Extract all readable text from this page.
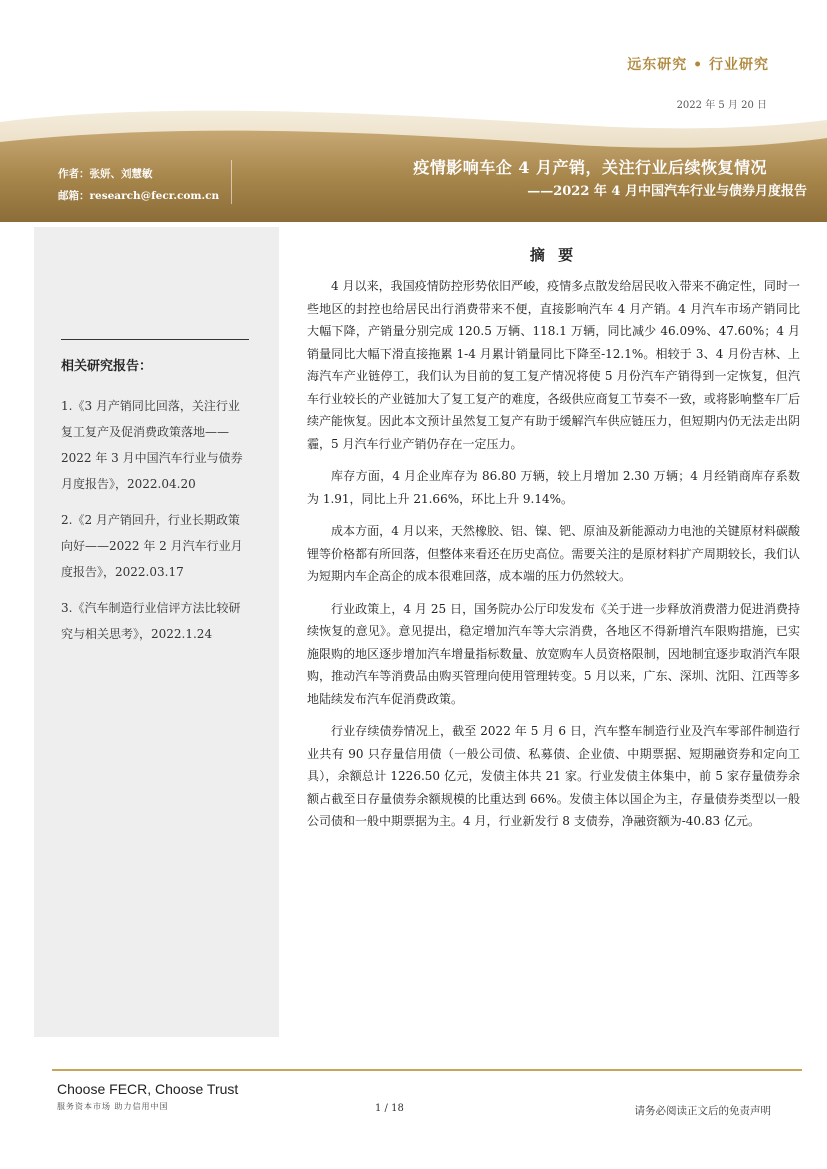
远东研究 • 行业研究
2022 年 5 月 20 日
作者：张妍、刘慧敏
邮箱：research@fecr.com.cn
疫情影响车企 4 月产销，关注行业后续恢复情况
——2022 年 4 月中国汽车行业与债券月度报告
相关研究报告：
1.《3 月产销同比回落，关注行业复工复产及促消费政策落地——2022 年 3 月中国汽车行业与债券月度报告》，2022.04.20
2.《2 月产销回升，行业长期政策向好——2022 年 2 月汽车行业月度报告》，2022.03.17
3.《汽车制造行业信评方法比较研究与相关思考》，2022.1.24
摘 要

4 月以来，我国疫情防控形势依旧严峻，疫情多点散发给居民收入带来不确定性，同时一些地区的封控也给居民出行消费带来不便，直接影响汽车 4 月产销。4 月汽车市场产销同比大幅下降，产销量分别完成 120.5 万辆、118.1 万辆，同比减少 46.09%、47.60%；4 月销量同比大幅下滑直接拖累 1-4 月累计销量同比下降至-12.1%。相较于 3、4 月份吉林、上海汽车产业链停工，我们认为目前的复工复产情况将使 5 月份汽车产销得到一定恢复，但汽车行业较长的产业链加大了复工复产的难度，各级供应商复工节奏不一致，或将影响整车厂后续产能恢复。因此本文预计虽然复工复产有助于缓解汽车供应链压力，但短期内仍无法走出阴霾，5 月汽车行业产销仍存在一定压力。

库存方面，4 月企业库存为 86.80 万辆，较上月增加 2.30 万辆；4 月经销商库存系数为 1.91，同比上升 21.66%，环比上升 9.14%。

成本方面，4 月以来，天然橡胶、铝、镍、钯、原油及新能源动力电池的关键原材料碳酸锂等价格都有所回落，但整体来看还在历史高位。需要关注的是原材料扩产周期较长，我们认为短期内车企高企的成本很难回落，成本端的压力仍然较大。

行业政策上，4 月 25 日，国务院办公厅印发发布《关于进一步释放消费潜力促进消费持续恢复的意见》。意见提出，稳定增加汽车等大宗消费，各地区不得新增汽车限购措施，已实施限购的地区逐步增加汽车增量指标数量、放宽购车人员资格限制，因地制宜逐步取消汽车限购，推动汽车等消费品由购买管理向使用管理转变。5 月以来，广东、深圳、沈阳、江西等多地陆续发布汽车促消费政策。

行业存续债券情况上，截至 2022 年 5 月 6 日，汽车整车制造行业及汽车零部件制造行业共有 90 只存量信用债（一般公司债、私募债、企业债、中期票据、短期融资券和定向工具），余额总计 1226.50 亿元，发债主体共 21 家。行业发债主体集中，前 5 家存量债券余额占截至日存量债券余额规模的比重达到 66%。发债主体以国企为主，存量债券类型以一般公司债和一般中期票据为主。4 月，行业新发行 8 支债券，净融资额为-40.83 亿元。

Choose FECR, Choose Trust
服务资本市场 助力信用中国	1 / 18	请务必阅读正文后的免责声明
